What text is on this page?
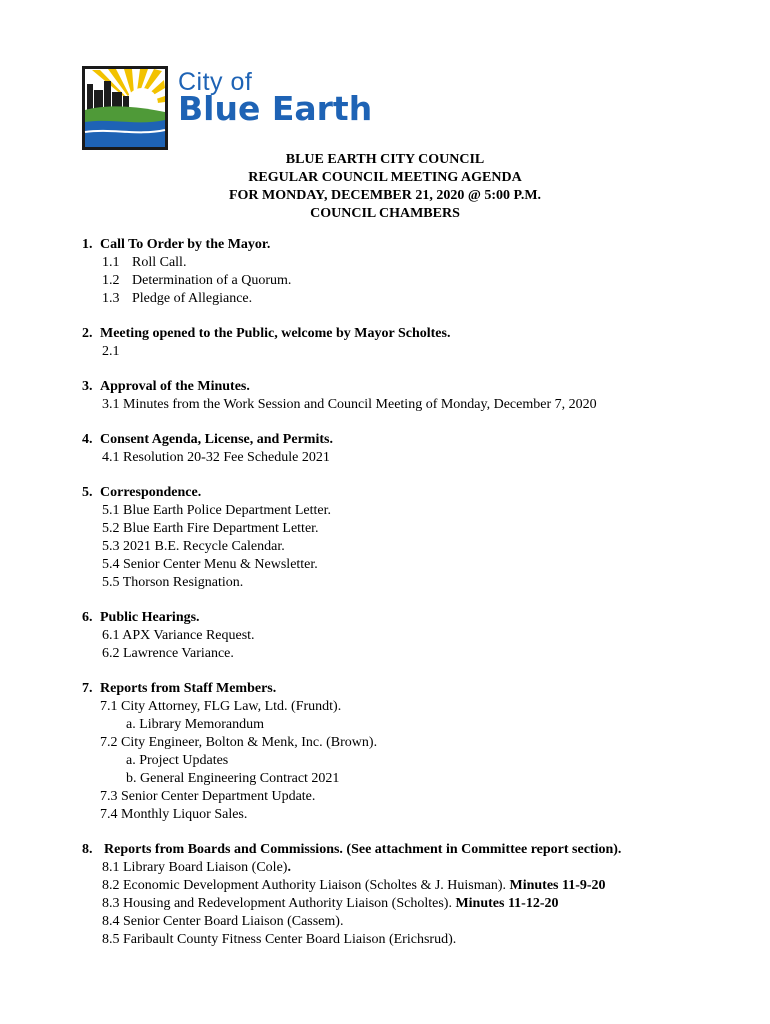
City of
Blue Earth
BLUE EARTH CITY COUNCIL
REGULAR COUNCIL MEETING AGENDA
FOR MONDAY, DECEMBER 21, 2020 @ 5:00 P.M.
COUNCIL CHAMBERS
1. Call To Order by the Mayor.
1.1 Roll Call.
1.2 Determination of a Quorum.
1.3 Pledge of Allegiance.
2. Meeting opened to the Public, welcome by Mayor Scholtes.
2.1
3. Approval of the Minutes.
3.1 Minutes from the Work Session and Council Meeting of Monday, December 7, 2020
4. Consent Agenda, License, and Permits.
4.1 Resolution 20-32 Fee Schedule 2021
5. Correspondence.
5.1 Blue Earth Police Department Letter.
5.2 Blue Earth Fire Department Letter.
5.3 2021 B.E. Recycle Calendar.
5.4 Senior Center Menu & Newsletter.
5.5 Thorson Resignation.
6. Public Hearings.
6.1 APX Variance Request.
6.2 Lawrence Variance.
7. Reports from Staff Members.
7.1 City Attorney, FLG Law, Ltd. (Frundt).
a. Library Memorandum
7.2 City Engineer, Bolton & Menk, Inc. (Brown).
a. Project Updates
b. General Engineering Contract 2021
7.3 Senior Center Department Update.
7.4 Monthly Liquor Sales.
8. Reports from Boards and Commissions. (See attachment in Committee report section).
8.1 Library Board Liaison (Cole).
8.2 Economic Development Authority Liaison (Scholtes & J. Huisman). Minutes 11-9-20
8.3 Housing and Redevelopment Authority Liaison (Scholtes). Minutes 11-12-20
8.4 Senior Center Board Liaison (Cassem).
8.5 Faribault County Fitness Center Board Liaison (Erichsrud).
